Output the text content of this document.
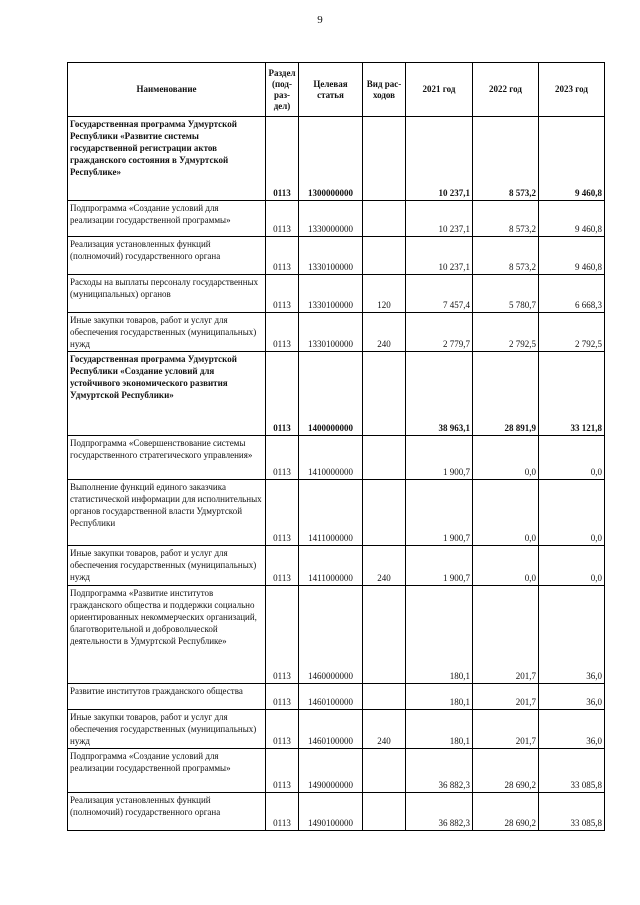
9
Наименование	Раздел (под-раз-дел)	Целевая статья	Вид рас-ходов	2021 год	2022 год	2023 год
Государственная программа Удмуртской Республики «Развитие системы государственной регистрации актов гражданского состояния в Удмуртской Республике»	0113	1300000000		10 237,1	8 573,2	9 460,8
Подпрограмма «Создание условий для реализации государственной программы»	0113	1330000000		10 237,1	8 573,2	9 460,8
Реализация установленных функций (полномочий) государственного органа	0113	1330100000		10 237,1	8 573,2	9 460,8
Расходы на выплаты персоналу государственных (муниципальных) органов	0113	1330100000	120	7 457,4	5 780,7	6 668,3
Иные закупки товаров, работ и услуг для обеспечения государственных (муниципальных) нужд	0113	1330100000	240	2 779,7	2 792,5	2 792,5
Государственная программа Удмуртской Республики «Создание условий для устойчивого экономического развития Удмуртской Республики»	0113	1400000000		38 963,1	28 891,9	33 121,8
Подпрограмма «Совершенствование системы государственного стратегического управления»	0113	1410000000		1 900,7	0,0	0,0
Выполнение функций единого заказчика статистической информации для исполнительных органов государственной власти Удмуртской Республики	0113	1411000000		1 900,7	0,0	0,0
Иные закупки товаров, работ и услуг для обеспечения государственных (муниципальных) нужд	0113	1411000000	240	1 900,7	0,0	0,0
Подпрограмма «Развитие институтов гражданского общества и поддержки социально ориентированных некоммерческих организаций, благотворительной и добровольческой деятельности в Удмуртской Республике»	0113	1460000000		180,1	201,7	36,0
Развитие институтов гражданского общества	0113	1460100000		180,1	201,7	36,0
Иные закупки товаров, работ и услуг для обеспечения государственных (муниципальных) нужд	0113	1460100000	240	180,1	201,7	36,0
Подпрограмма «Создание условий для реализации государственной программы»	0113	1490000000		36 882,3	28 690,2	33 085,8
Реализация установленных функций (полномочий) государственного органа	0113	1490100000		36 882,3	28 690,2	33 085,8
